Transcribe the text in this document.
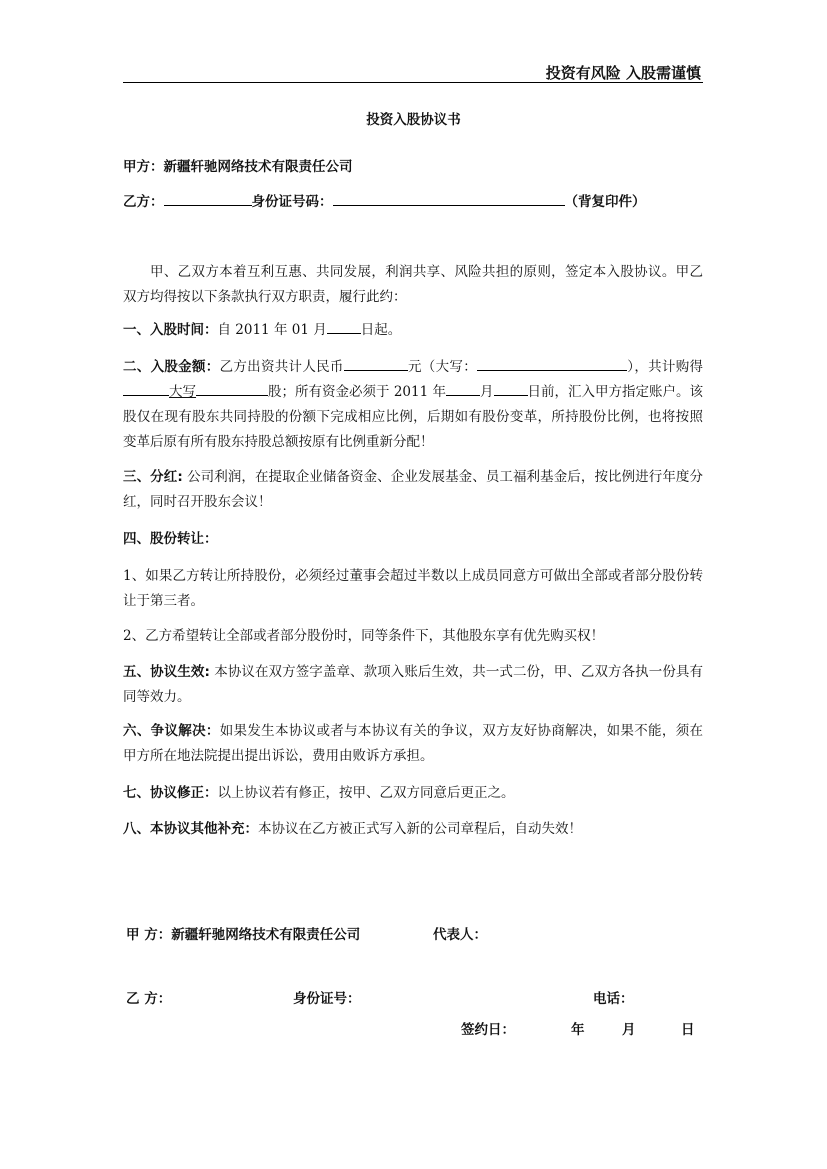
投资有风险 入股需谨慎
投资入股协议书
甲方：新疆轩驰网络技术有限责任公司
乙方：	身份证号码：	（背复印件）
甲、乙双方本着互利互惠、共同发展，利润共享、风险共担的原则，签定本入股协议。甲乙双方均得按以下条款执行双方职责，履行此约：
一、入股时间：自 2011 年 01 月	日起。
二、入股金额：乙方出资共计人民币	元（大写：	），共计购得大写	股；所有资金必须于 2011 年	月	日前，汇入甲方指定账户。该股仅在现有股东共同持股的份额下完成相应比例，后期如有股份变革，所持股份比例，也将按照变革后原有所有股东持股总额按原有比例重新分配！
三、分红: 公司利润，在提取企业储备资金、企业发展基金、员工福利基金后，按比例进行年度分红，同时召开股东会议！
四、股份转让：
1、如果乙方转让所持股份，必须经过董事会超过半数以上成员同意方可做出全部或者部分股份转让于第三者。
2、乙方希望转让全部或者部分股份时，同等条件下，其他股东享有优先购买权！
五、协议生效: 本协议在双方签字盖章、款项入账后生效，共一式二份，甲、乙双方各执一份具有同等效力。
六、争议解决：如果发生本协议或者与本协议有关的争议，双方友好协商解决，如果不能，须在甲方所在地法院提出提出诉讼，费用由败诉方承担。
七、协议修正：以上协议若有修正，按甲、乙双方同意后更正之。
八、本协议其他补充：本协议在乙方被正式写入新的公司章程后，自动失效！
甲 方：新疆轩驰网络技术有限责任公司	代表人：
乙 方：	身份证号：	电话：
签约日：	年	月	日
